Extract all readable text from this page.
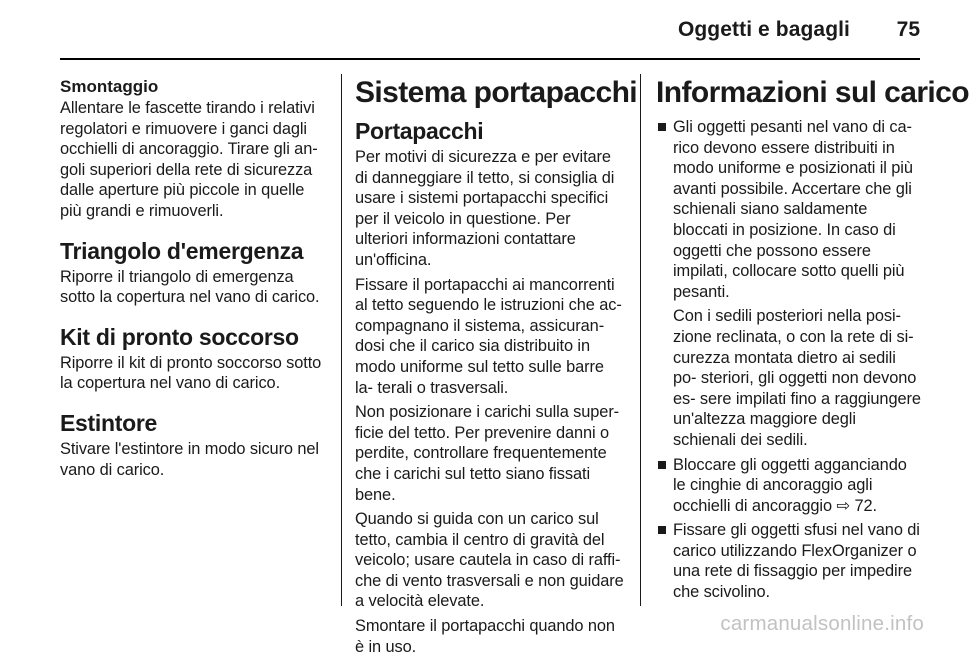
Oggetti e bagagli 75
Smontaggio

Allentare le fascette tirando i relativi regolatori e rimuovere i ganci dagli occhielli di ancoraggio. Tirare gli an- goli superiori della rete di sicurezza dalle aperture più piccole in quelle più grandi e rimuoverli.

Triangolo d'emergenza

Riporre il triangolo di emergenza sotto la copertura nel vano di carico.

Kit di pronto soccorso

Riporre il kit di pronto soccorso sotto la copertura nel vano di carico.

Estintore

Stivare l'estintore in modo sicuro nel vano di carico.

Sistema portapacchi
Portapacchi

Per motivi di sicurezza e per evitare di danneggiare il tetto, si consiglia di usare i sistemi portapacchi specifici per il veicolo in questione. Per ulteriori informazioni contattare un'officina.

Fissare il portapacchi ai mancorrenti al tetto seguendo le istruzioni che ac- compagnano il sistema, assicuran- dosi che il carico sia distribuito in modo uniforme sul tetto sulle barre la- terali o trasversali.

Non posizionare i carichi sulla super- ficie del tetto. Per prevenire danni o perdite, controllare frequentemente che i carichi sul tetto siano fissati bene.

Quando si guida con un carico sul tetto, cambia il centro di gravità del veicolo; usare cautela in caso di raffi- che di vento trasversali e non guidare a velocità elevate.

Smontare il portapacchi quando non è in uso.

Informazioni sul carico
Gli oggetti pesanti nel vano di ca- rico devono essere distribuiti in modo uniforme e posizionati il più avanti possibile. Accertare che gli schienali siano saldamente bloccati in posizione. In caso di oggetti che possono essere impilati, collocare sotto quelli più pesanti.

Con i sedili posteriori nella posi- zione reclinata, o con la rete di si- curezza montata dietro ai sedili po- steriori, gli oggetti non devono es- sere impilati fino a raggiungere un'altezza maggiore degli schienali dei sedili.

Bloccare gli oggetti agganciando le cinghie di ancoraggio agli occhielli di ancoraggio ⇨ 72.
Fissare gli oggetti sfusi nel vano di carico utilizzando FlexOrganizer o una rete di fissaggio per impedire che scivolino.
carmanualsonline.info
